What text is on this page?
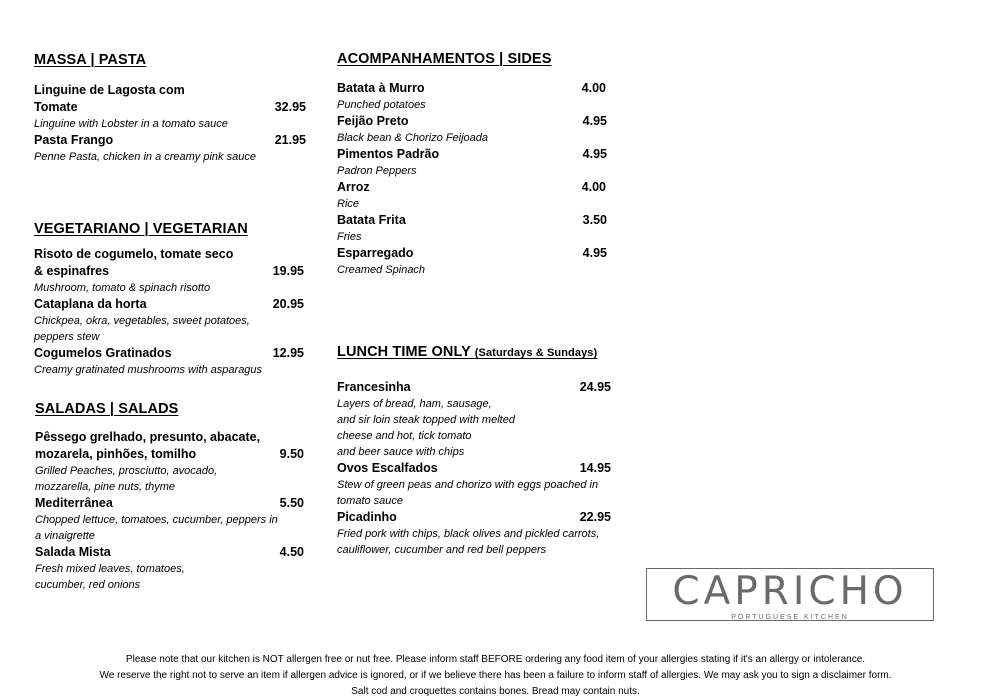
MASSA | PASTA
Linguine de Lagosta com
Tomate	32.95
Linguine with Lobster in a tomato sauce
Pasta Frango	21.95
Penne Pasta, chicken in a creamy pink sauce
VEGETARIANO | VEGETARIAN
Risoto de cogumelo, tomate seco
& espinafres	19.95
Mushroom, tomato & spinach risotto
Cataplana da horta	20.95
Chickpea, okra, vegetables, sweet potatoes,
peppers stew
Cogumelos Gratinados	12.95
Creamy gratinated mushrooms with asparagus
SALADAS | SALADS
Pêssego grelhado, presunto, abacate,
mozarela, pinhões, tomilho	9.50
Grilled Peaches, prosciutto, avocado,
mozzarella, pine nuts, thyme
Mediterrânea	5.50
Chopped lettuce, tomatoes, cucumber, peppers in
a vinaigrette
Salada Mista	4.50
Fresh mixed leaves, tomatoes,
cucumber, red onions
ACOMPANHAMENTOS | SIDES
Batata à Murro	4.00
Punched potatoes
Feijão Preto	4.95
Black bean & Chorizo Feijoada
Pimentos Padrão	4.95
Padron Peppers
Arroz	4.00
Rice
Batata Frita	3.50
Fries
Esparregado	4.95
Creamed Spinach
LUNCH TIME ONLY (Saturdays & Sundays)
Francesinha	24.95
Layers of bread, ham, sausage,
and sir loin steak topped with melted
cheese and hot, tick tomato
and beer sauce with chips
Ovos Escalfados	14.95
Stew of green peas and chorizo with eggs poached in
tomato sauce
Picadinho	22.95
Fried pork with chips, black olives and pickled carrots,
cauliflower, cucumber and red bell peppers
CAPRICHO
PORTUGUESE KITCHEN
Please note that our kitchen is NOT allergen free or nut free. Please inform staff BEFORE ordering any food item of your allergies stating if it's an allergy or intolerance.
We reserve the right not to serve an item if allergen advice is ignored, or if we believe there has been a failure to inform staff of allergies. We may ask you to sign a disclaimer form.
Salt cod and croquettes contains bones. Bread may contain nuts.
